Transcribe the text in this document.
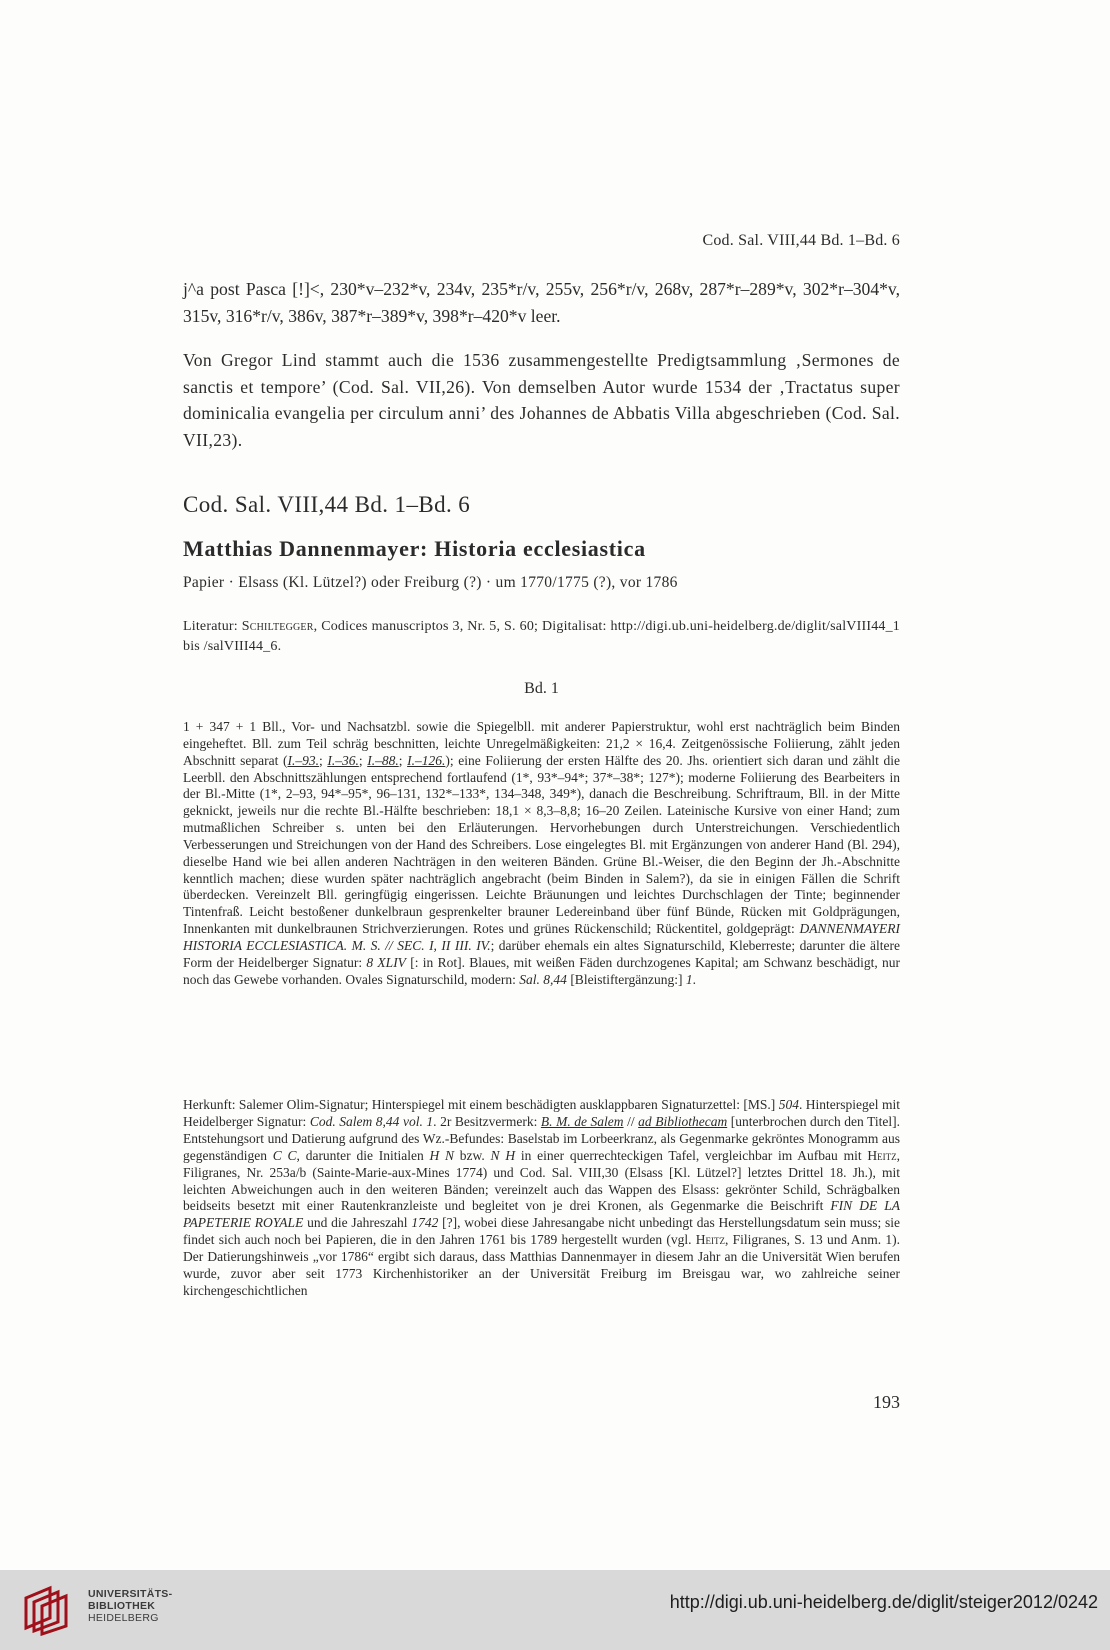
Cod. Sal. VIII,44 Bd. 1–Bd. 6
j^a post Pasca [!]<, 230*v–232*v, 234v, 235*r/v, 255v, 256*r/v, 268v, 287*r–289*v, 302*r–304*v,
315v, 316*r/v, 386v, 387*r–389*v, 398*r–420*v leer.
Von Gregor Lind stammt auch die 1536 zusammengestellte Predigtsammlung ‚Sermones de sanctis et tempore’ (Cod. Sal. VII,26). Von demselben Autor wurde 1534 der ‚Tractatus super dominicalia evangelia per circulum anni’ des Johannes de Abbatis Villa abgeschrieben (Cod. Sal. VII,23).
Cod. Sal. VIII,44 Bd. 1–Bd. 6
Matthias Dannenmayer: Historia ecclesiastica
Papier · Elsass (Kl. Lützel?) oder Freiburg (?) · um 1770/1775 (?), vor 1786
Literatur: Schiltegger, Codices manuscriptos 3, Nr. 5, S. 60; Digitalisat: http://digi.ub.uni-heidelberg.de/diglit/salVIII44_1 bis /salVIII44_6.
Bd. 1
1 + 347 + 1 Bll., Vor- und Nachsatzbl. sowie die Spiegelbll. mit anderer Papierstruktur, wohl erst nachträglich beim Binden eingeheftet. Bll. zum Teil schräg beschnitten, leichte Unregelmäßigkeiten: 21,2 × 16,4. Zeitgenössische Foliierung, zählt jeden Abschnitt separat (I.–93.; I.–36.; I.–88.; I.–126.); eine Foliierung der ersten Hälfte des 20. Jhs. orientiert sich daran und zählt die Leerbll. den Abschnittszählungen entsprechend fortlaufend (1*, 93*–94*; 37*–38*; 127*); moderne Foliierung des Bearbeiters in der Bl.-Mitte (1*, 2–93, 94*–95*, 96–131, 132*–133*, 134–348, 349*), danach die Beschreibung. Schriftraum, Bll. in der Mitte geknickt, jeweils nur die rechte Bl.-Hälfte beschrieben: 18,1 × 8,3–8,8; 16–20 Zeilen. Lateinische Kursive von einer Hand; zum mutmaßlichen Schreiber s. unten bei den Erläuterungen. Hervorhebungen durch Unterstreichungen. Verschiedentlich Verbesserungen und Streichungen von der Hand des Schreibers. Lose eingelegtes Bl. mit Ergänzungen von anderer Hand (Bl. 294), dieselbe Hand wie bei allen anderen Nachträgen in den weiteren Bänden. Grüne Bl.-Weiser, die den Beginn der Jh.-Abschnitte kenntlich machen; diese wurden später nachträglich angebracht (beim Binden in Salem?), da sie in einigen Fällen die Schrift überdecken. Vereinzelt Bll. geringfügig eingerissen. Leichte Bräunungen und leichtes Durchschlagen der Tinte; beginnender Tintenfraß. Leicht bestoßener dunkelbraun gesprenkelter brauner Ledereinband über fünf Bünde, Rücken mit Goldprägungen, Innenkanten mit dunkelbraunen Strichverzierungen. Rotes und grünes Rückenschild; Rückentitel, goldgeprägt: DANNENMAYERI HISTORIA ECCLESIASTICA. M. S. // SEC. I, II III. IV.; darüber ehemals ein altes Signaturschild, Kleberreste; darunter die ältere Form der Heidelberger Signatur: 8 XLIV [: in Rot]. Blaues, mit weißen Fäden durchzogenes Kapital; am Schwanz beschädigt, nur noch das Gewebe vorhanden. Ovales Signaturschild, modern: Sal. 8,44 [Bleistiftergänzung:] 1.
Herkunft: Salemer Olim-Signatur; Hinterspiegel mit einem beschädigten ausklappbaren Signaturzettel: [MS.] 504. Hinterspiegel mit Heidelberger Signatur: Cod. Salem 8,44 vol. 1. 2r Besitzvermerk: B. M. de Salem // ad Bibliothecam [unterbrochen durch den Titel]. Entstehungsort und Datierung aufgrund des Wz.-Befundes: Baselstab im Lorbeerkranz, als Gegenmarke gekröntes Monogramm aus gegenständigen C C, darunter die Initialen H N bzw. N H in einer querrechteckigen Tafel, vergleichbar im Aufbau mit Heitz, Filigranes, Nr. 253a/b (Sainte-Marie-aux-Mines 1774) und Cod. Sal. VIII,30 (Elsass [Kl. Lützel?] letztes Drittel 18. Jh.), mit leichten Abweichungen auch in den weiteren Bänden; vereinzelt auch das Wappen des Elsass: gekrönter Schild, Schrägbalken beidseits besetzt mit einer Rautenkranzleiste und begleitet von je drei Kronen, als Gegenmarke die Beischrift FIN DE LA PAPETERIE ROYALE und die Jahreszahl 1742 [?], wobei diese Jahresangabe nicht unbedingt das Herstellungsdatum sein muss; sie findet sich auch noch bei Papieren, die in den Jahren 1761 bis 1789 hergestellt wurden (vgl. Heitz, Filigranes, S. 13 und Anm. 1). Der Datierungshinweis „vor 1786“ ergibt sich daraus, dass Matthias Dannenmayer in diesem Jahr an die Universität Wien berufen wurde, zuvor aber seit 1773 Kirchenhistoriker an der Universität Freiburg im Breisgau war, wo zahlreiche seiner kirchengeschichtlichen
193
UNIVERSITÄTS-
BIBLIOTHEK
HEIDELBERG
http://digi.ub.uni-heidelberg.de/diglit/steiger2012/0242
